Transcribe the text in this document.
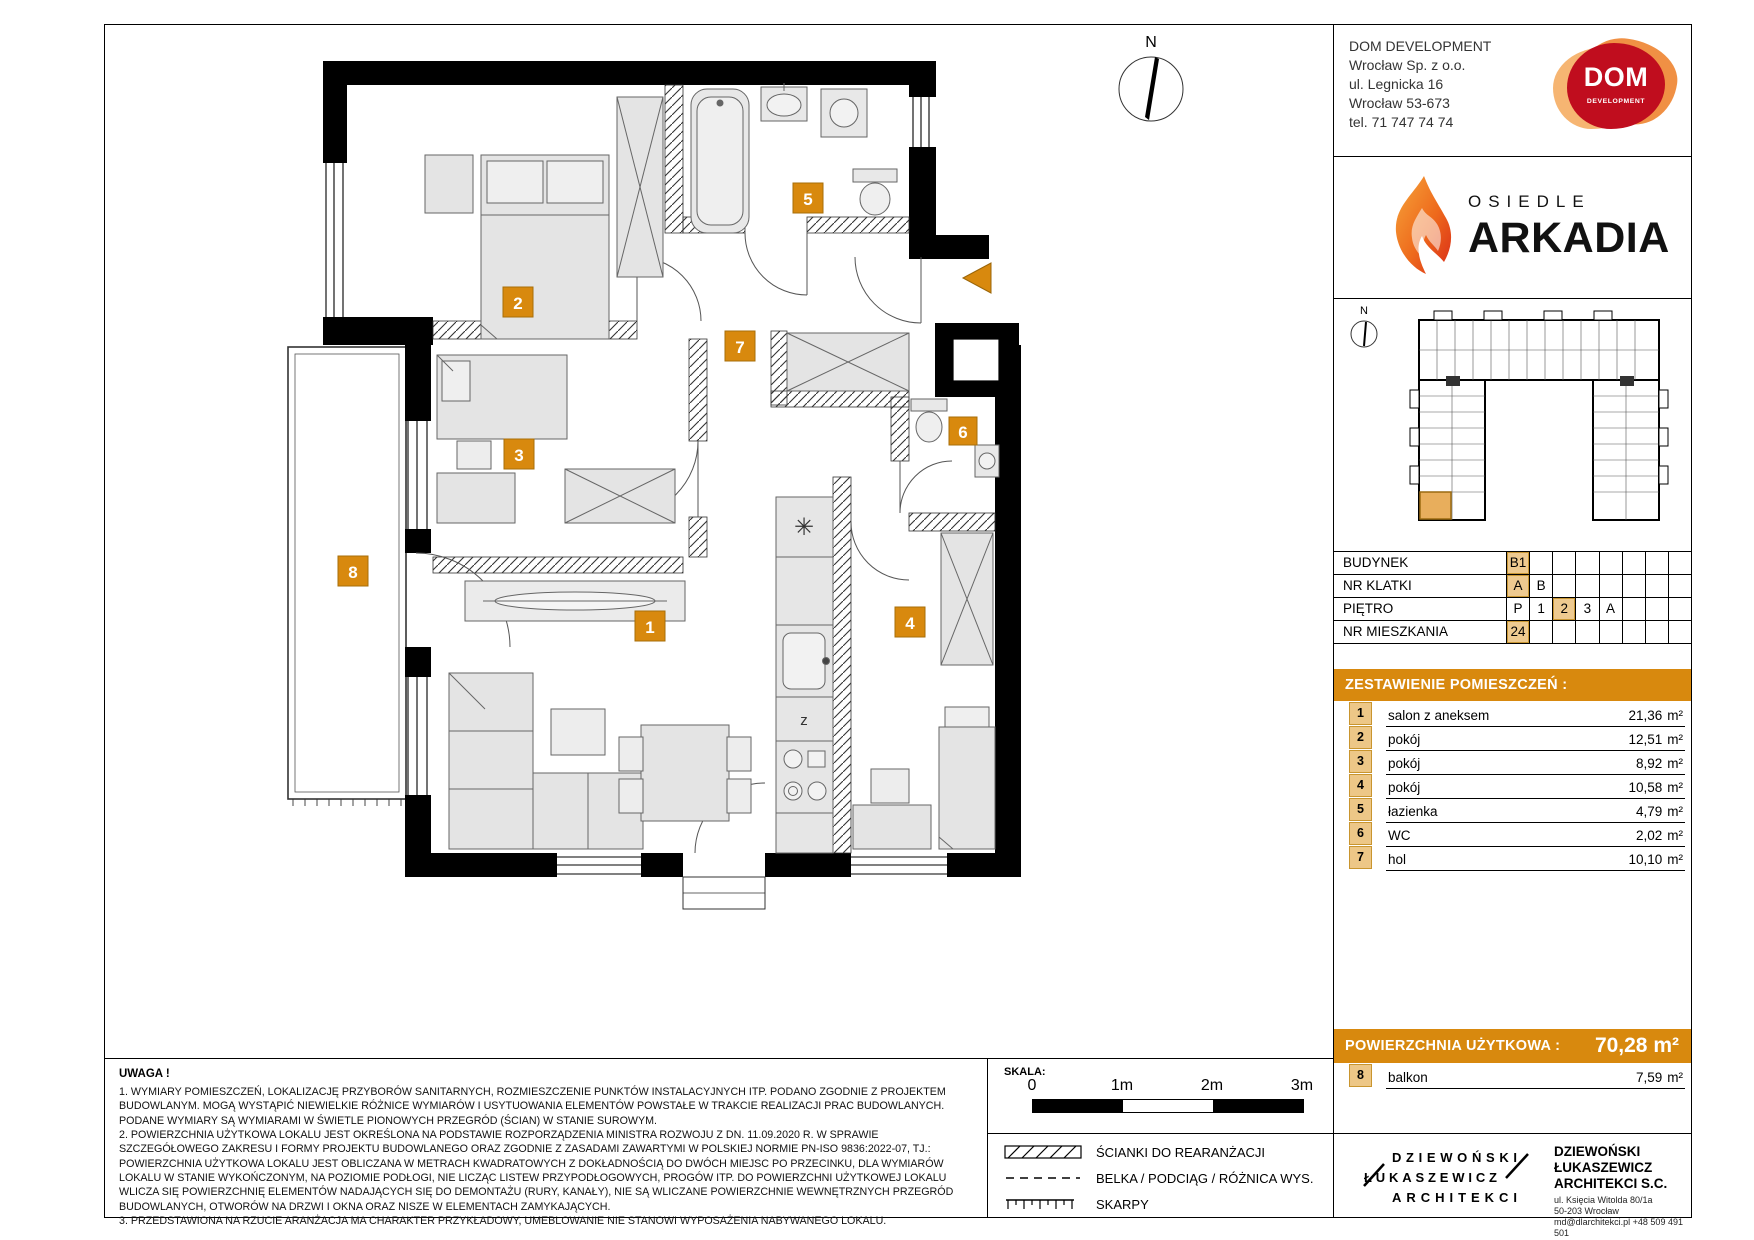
N
✳
z
1
2
3
4
5
6
7
8
DOM DEVELOPMENT
Wrocław Sp. z o.o.
ul. Legnicka 16
Wrocław 53-673
tel. 71 747 74 74
DOM
DEVELOPMENT
OSIEDLE
ARKADIA
N
BUDYNEK	B1
NR KLATKI	A	B
PIĘTRO	P	1	2	3	A
NR MIESZKANIA	24
ZESTAWIENIE POMIESZCZEŃ :
1	salon z aneksem	21,36 m²
2	pokój	12,51 m²
3	pokój	8,92 m²
4	pokój	10,58 m²
5	łazienka	4,79 m²
6	WC	2,02 m²
7	hol	10,10 m²
POWIERZCHNIA UŻYTKOWA : 70,28 m²
8	balkon	7,59 m²
DZIEWOŃSKI
ŁUKASZEWICZ
ARCHITEKCI
DZIEWOŃSKI ŁUKASZEWICZ
ARCHITEKCI S.C.
ul. Księcia Witolda 80/1a
50-203 Wrocław
md@dlarchitekci.pl +48 509 491 501
UWAGA !

1. WYMIARY POMIESZCZEŃ, LOKALIZACJĘ PRZYBORÓW SANITARNYCH, ROZMIESZCZENIE PUNKTÓW INSTALACYJNYCH ITP. PODANO ZGODNIE Z PROJEKTEM BUDOWLANYM. MOGĄ WYSTĄPIĆ NIEWIELKIE RÓŻNICE WYMIARÓW I USYTUOWANIA ELEMENTÓW POWSTAŁE W TRAKCIE REALIZACJI PRAC BUDOWLANYCH. PODANE WYMIARY SĄ WYMIARAMI W ŚWIETLE PIONOWYCH PRZEGRÓD (ŚCIAN) W STANIE SUROWYM.

2. POWIERZCHNIA UŻYTKOWA LOKALU JEST OKREŚLONA NA PODSTAWIE ROZPORZĄDZENIA MINISTRA ROZWOJU Z DN. 11.09.2020 R. W SPRAWIE SZCZEGÓŁOWEGO ZAKRESU I FORMY PROJEKTU BUDOWLANEGO ORAZ ZGODNIE Z ZASADAMI ZAWARTYMI W POLSKIEJ NORMIE PN-ISO 9836:2022-07, TJ.: POWIERZCHNIA UŻYTKOWA LOKALU JEST OBLICZANA W METRACH KWADRATOWYCH Z DOKŁADNOŚCIĄ DO DWÓCH MIEJSC PO PRZECINKU, DLA WYMIARÓW LOKALU W STANIE WYKOŃCZONYM, NA POZIOMIE PODŁOGI, NIE LICZĄC LISTEW PRZYPODŁOGOWYCH, PROGÓW ITP. DO POWIERZCHNI UŻYTKOWEJ LOKALU WLICZA SIĘ POWIERZCHNIĘ ELEMENTÓW NADAJĄCYCH SIĘ DO DEMONTAŻU (RURY, KANAŁY), NIE SĄ WLICZANE POWIERZCHNIE WEWNĘTRZNYCH PRZEGRÓD BUDOWLANYCH, OTWORÓW NA DRZWI I OKNA ORAZ NISZE W ELEMENTACH ZAMYKAJĄCYCH.

3. PRZEDSTAWIONA NA RZUCIE ARANŻACJA MA CHARAKTER PRZYKŁADOWY, UMEBLOWANIE NIE STANOWI WYPOSAŻENIA NABYWANEGO LOKALU.

SKALA:
0	1m	2m	3m
ŚCIANKI DO REARANŻACJI
BELKA / PODCIĄG / RÓŻNICA WYS.
SKARPY
